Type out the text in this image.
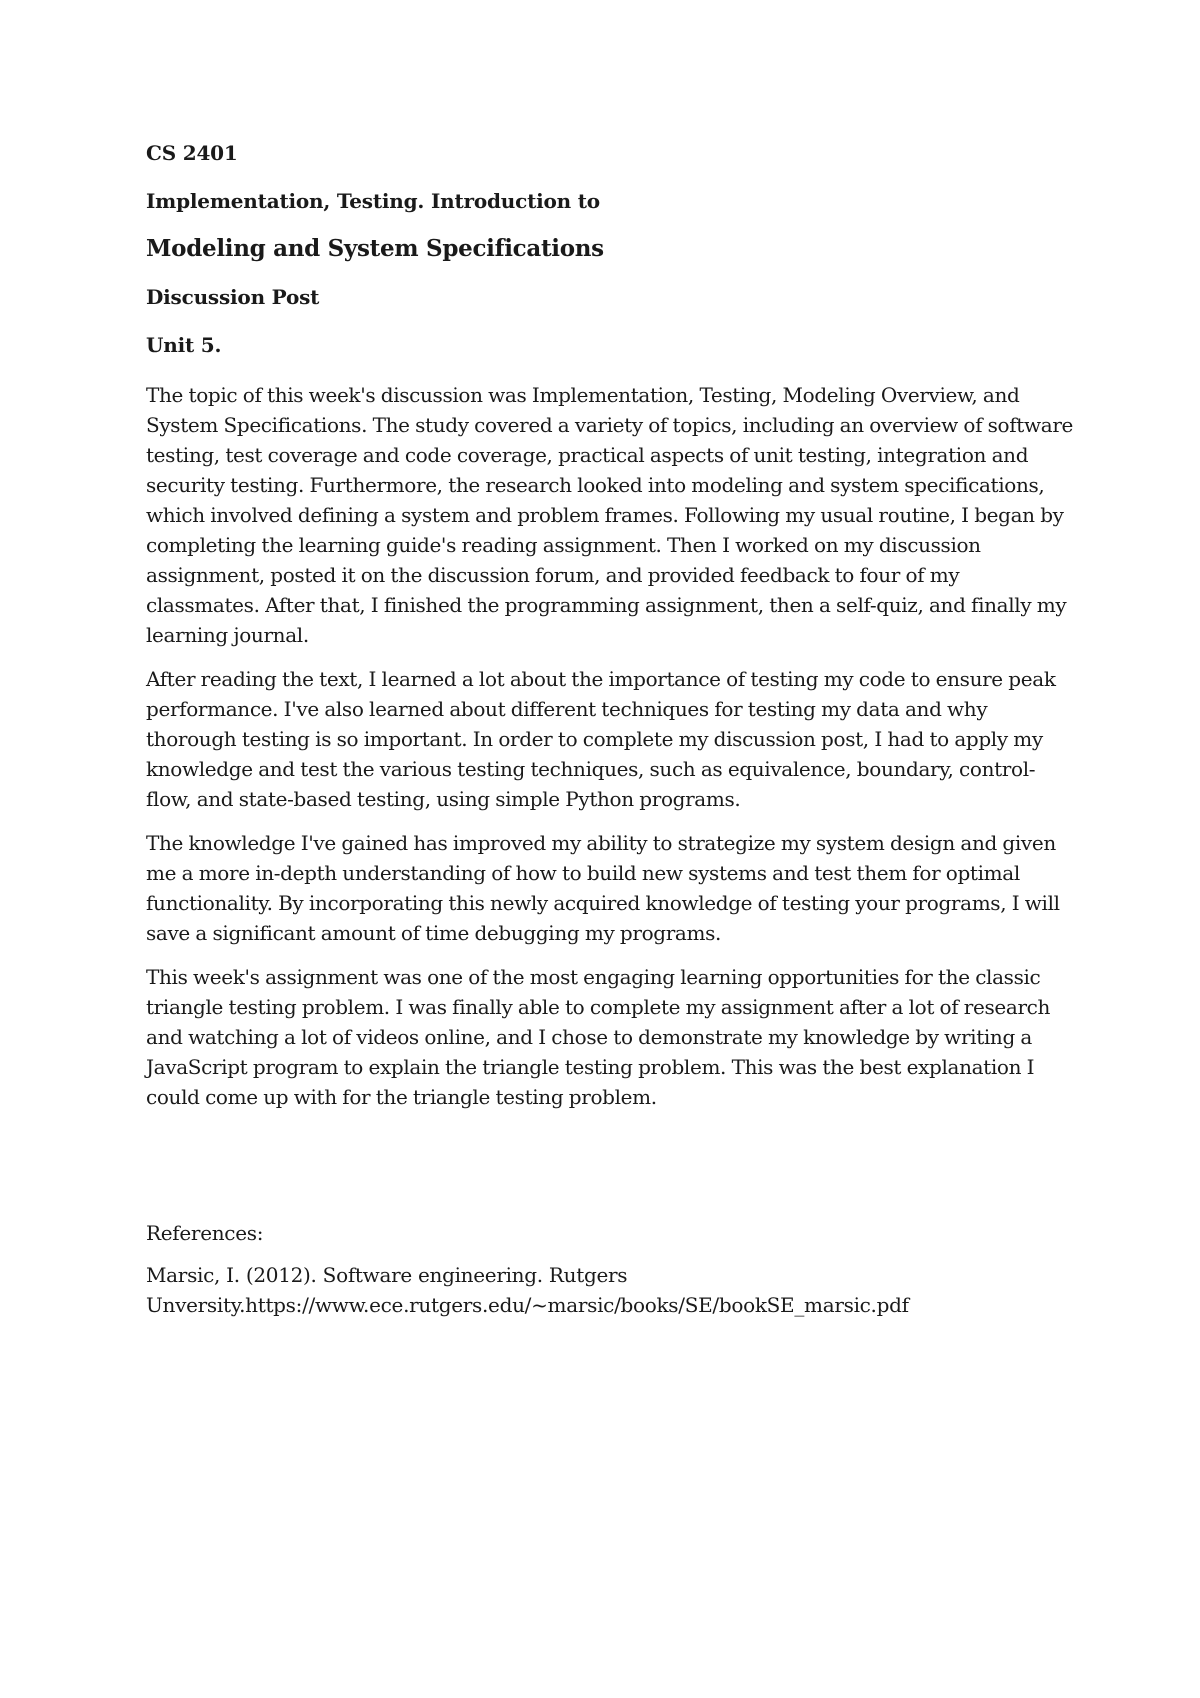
CS 2401
Implementation, Testing. Introduction to
Modeling and System Specifications
Discussion Post
Unit 5.

The topic of this week's discussion was Implementation, Testing, Modeling Overview, and System Specifications. The study covered a variety of topics, including an overview of software testing, test coverage and code coverage, practical aspects of unit testing, integration and security testing. Furthermore, the research looked into modeling and system specifications, which involved defining a system and problem frames. Following my usual routine, I began by completing the learning guide's reading assignment. Then I worked on my discussion assignment, posted it on the discussion forum, and provided feedback to four of my classmates. After that, I finished the programming assignment, then a self-quiz, and finally my learning journal.

After reading the text, I learned a lot about the importance of testing my code to ensure peak performance. I've also learned about different techniques for testing my data and why thorough testing is so important. In order to complete my discussion post, I had to apply my knowledge and test the various testing techniques, such as equivalence, boundary, control-flow, and state-based testing, using simple Python programs.

The knowledge I've gained has improved my ability to strategize my system design and given me a more in-depth understanding of how to build new systems and test them for optimal functionality. By incorporating this newly acquired knowledge of testing your programs, I will save a significant amount of time debugging my programs.

This week's assignment was one of the most engaging learning opportunities for the classic triangle testing problem. I was finally able to complete my assignment after a lot of research and watching a lot of videos online, and I chose to demonstrate my knowledge by writing a JavaScript program to explain the triangle testing problem. This was the best explanation I could come up with for the triangle testing problem.

References:
Marsic, I. (2012). Software engineering. Rutgers
Unversity.https://www.ece.rutgers.edu/~marsic/books/SE/bookSE_marsic.pdf
